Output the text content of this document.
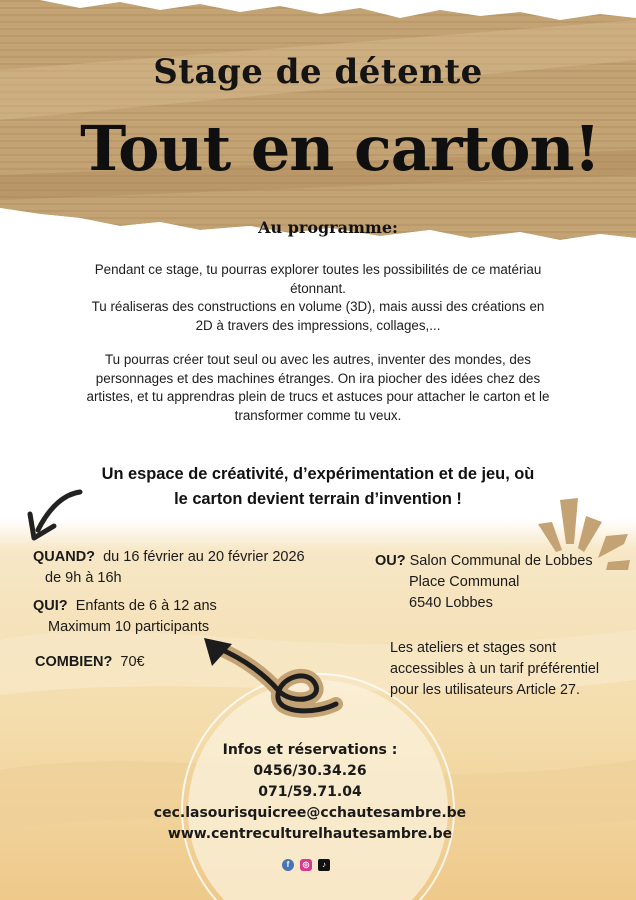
Stage de détente
Tout en carton!
Au programme:
Pendant ce stage, tu pourras explorer toutes les possibilités de ce matériau
étonnant.
Tu réaliseras des constructions en volume (3D), mais aussi des créations en
2D à travers des impressions, collages,...
Tu pourras créer tout seul ou avec les autres, inventer des mondes, des
personnages et des machines étranges. On ira piocher des idées chez des
artistes, et tu apprendras plein de trucs et astuces pour attacher le carton et le
transformer comme tu veux.
Un espace de créativité, d’expérimentation et de jeu, où
le carton devient terrain d’invention !
QUAND? du 16 février au 20 février 2026
de 9h à 16h
QUI? Enfants de 6 à 12 ans
Maximum 10 participants
COMBIEN? 70€
OU? Salon Communal de Lobbes
Place Communal
6540 Lobbes
Les ateliers et stages sont
accessibles à un tarif préférentiel
pour les utilisateurs Article 27.
Infos et réservations :
0456/30.34.26
071/59.71.04
cec.lasourisquicree@cchautesambre.be
www.centreculturelhautesambre.be
f	◎	♪
